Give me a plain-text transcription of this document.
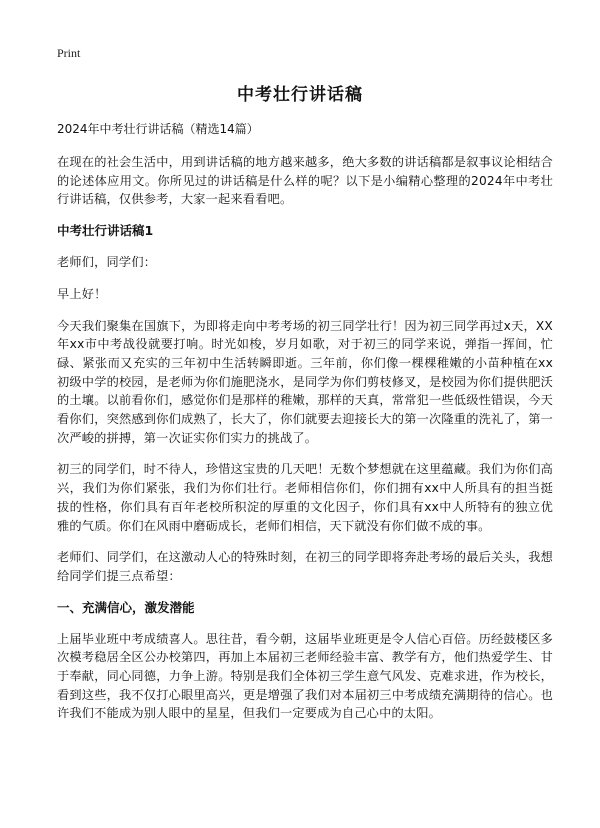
Print
中考壮行讲话稿

2024年中考壮行讲话稿（精选14篇）

在现在的社会生活中，用到讲话稿的地方越来越多，绝大多数的讲话稿都是叙事议论相结合的论述体应用文。你所见过的讲话稿是什么样的呢？以下是小编精心整理的2024年中考壮行讲话稿，仅供参考，大家一起来看看吧。

中考壮行讲话稿1

老师们，同学们：

早上好！

今天我们聚集在国旗下，为即将走向中考考场的初三同学壮行！因为初三同学再过x天，XX年xx市中考战役就要打响。时光如梭，岁月如歌，对于初三的同学来说，弹指一挥间，忙碌、紧张而又充实的三年初中生活转瞬即逝。三年前，你们像一棵棵稚嫩的小苗种植在xx初级中学的校园，是老师为你们施肥浇水，是同学为你们剪枝修叉，是校园为你们提供肥沃的土壤。以前看你们，感觉你们是那样的稚嫩，那样的天真，常常犯一些低级性错误，今天看你们，突然感到你们成熟了，长大了，你们就要去迎接长大的第一次隆重的洗礼了，第一次严峻的拼搏，第一次证实你们实力的挑战了。

初三的同学们，时不待人，珍惜这宝贵的几天吧！无数个梦想就在这里蕴藏。我们为你们高兴，我们为你们紧张，我们为你们壮行。老师相信你们，你们拥有xx中人所具有的担当挺拔的性格，你们具有百年老校所积淀的厚重的文化因子，你们具有xx中人所特有的独立优雅的气质。你们在风雨中磨砺成长，老师们相信，天下就没有你们做不成的事。

老师们、同学们，在这激动人心的特殊时刻，在初三的同学即将奔赴考场的最后关头，我想给同学们提三点希望：

一、充满信心，激发潜能

上届毕业班中考成绩喜人。思往昔，看今朝，这届毕业班更是令人信心百倍。历经鼓楼区多次模考稳居全区公办校第四，再加上本届初三老师经验丰富、教学有方，他们热爱学生、甘于奉献，同心同德，力争上游。特别是我们全体初三学生意气风发、克难求进，作为校长，看到这些，我不仅打心眼里高兴，更是增强了我们对本届初三中考成绩充满期待的信心。也许我们不能成为别人眼中的星星，但我们一定要成为自己心中的太阳。
